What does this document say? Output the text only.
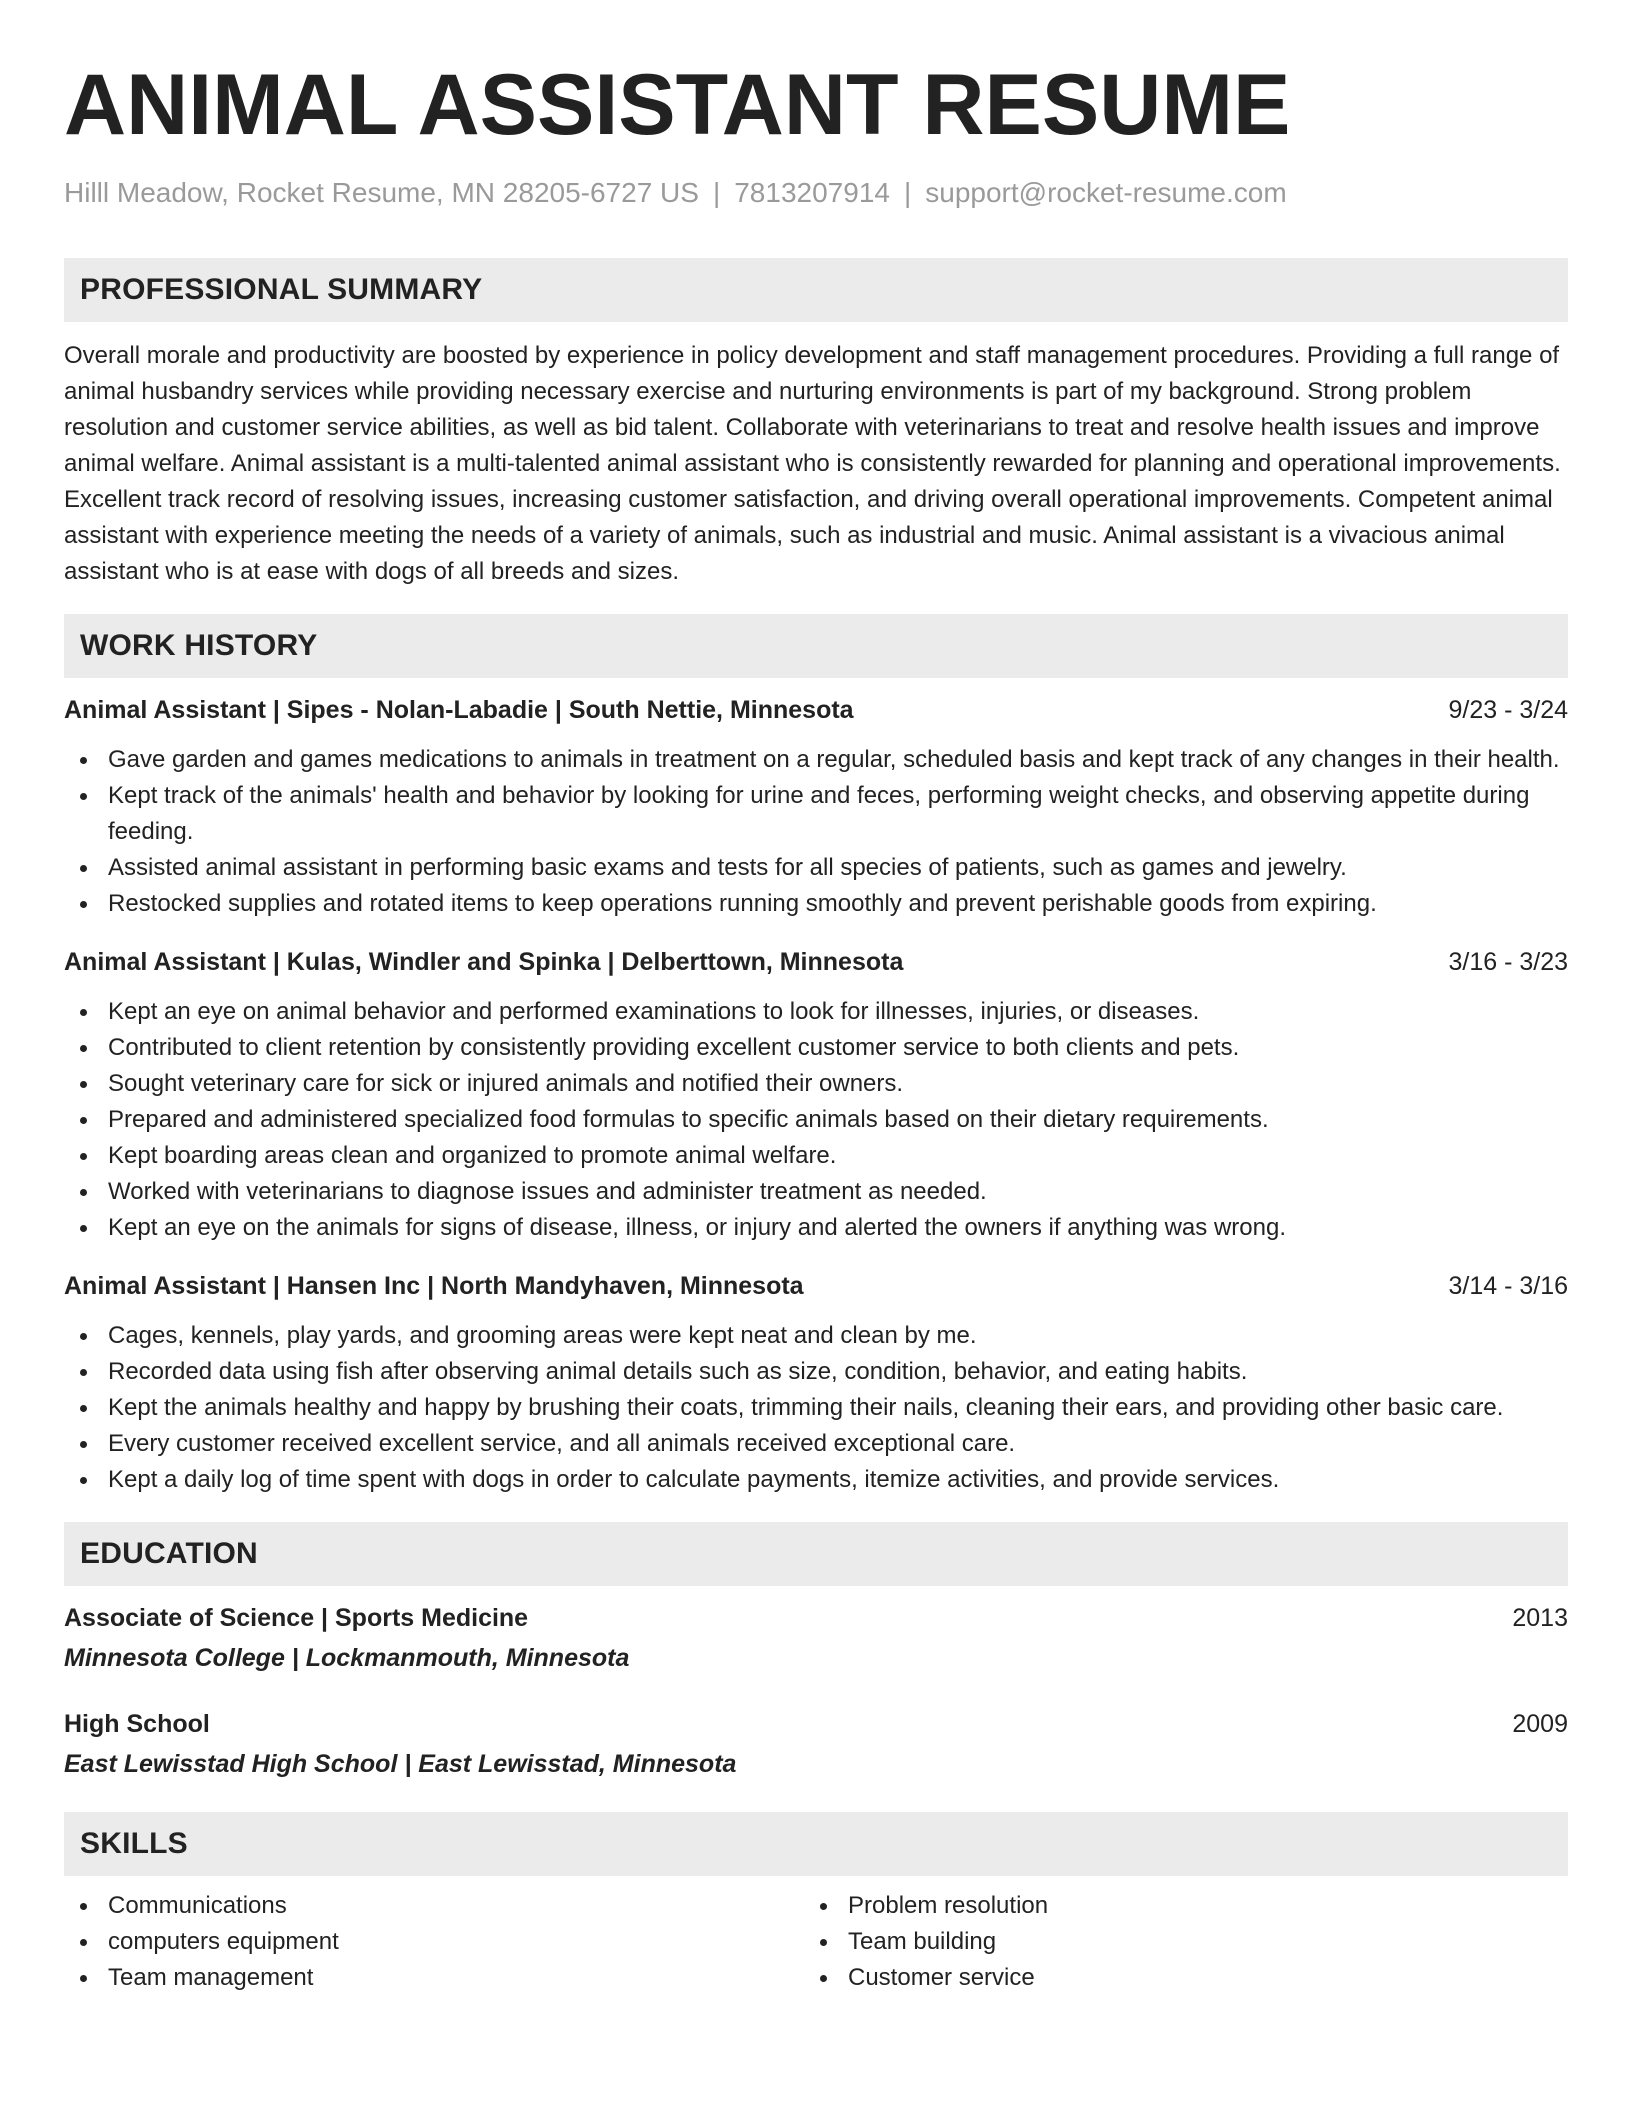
ANIMAL ASSISTANT RESUME
Hilll Meadow, Rocket Resume, MN 28205-6727 US | 7813207914 | support@rocket-resume.com
PROFESSIONAL SUMMARY
Overall morale and productivity are boosted by experience in policy development and staff management procedures. Providing a full range of animal husbandry services while providing necessary exercise and nurturing environments is part of my background. Strong problem resolution and customer service abilities, as well as bid talent. Collaborate with veterinarians to treat and resolve health issues and improve animal welfare. Animal assistant is a multi-talented animal assistant who is consistently rewarded for planning and operational improvements. Excellent track record of resolving issues, increasing customer satisfaction, and driving overall operational improvements. Competent animal assistant with experience meeting the needs of a variety of animals, such as industrial and music. Animal assistant is a vivacious animal assistant who is at ease with dogs of all breeds and sizes.
WORK HISTORY
Animal Assistant | Sipes - Nolan-Labadie | South Nettie, Minnesota	9/23 - 3/24
Gave garden and games medications to animals in treatment on a regular, scheduled basis and kept track of any changes in their health.
Kept track of the animals' health and behavior by looking for urine and feces, performing weight checks, and observing appetite during feeding.
Assisted animal assistant in performing basic exams and tests for all species of patients, such as games and jewelry.
Restocked supplies and rotated items to keep operations running smoothly and prevent perishable goods from expiring.
Animal Assistant | Kulas, Windler and Spinka | Delberttown, Minnesota	3/16 - 3/23
Kept an eye on animal behavior and performed examinations to look for illnesses, injuries, or diseases.
Contributed to client retention by consistently providing excellent customer service to both clients and pets.
Sought veterinary care for sick or injured animals and notified their owners.
Prepared and administered specialized food formulas to specific animals based on their dietary requirements.
Kept boarding areas clean and organized to promote animal welfare.
Worked with veterinarians to diagnose issues and administer treatment as needed.
Kept an eye on the animals for signs of disease, illness, or injury and alerted the owners if anything was wrong.
Animal Assistant | Hansen Inc | North Mandyhaven, Minnesota	3/14 - 3/16
Cages, kennels, play yards, and grooming areas were kept neat and clean by me.
Recorded data using fish after observing animal details such as size, condition, behavior, and eating habits.
Kept the animals healthy and happy by brushing their coats, trimming their nails, cleaning their ears, and providing other basic care.
Every customer received excellent service, and all animals received exceptional care.
Kept a daily log of time spent with dogs in order to calculate payments, itemize activities, and provide services.
EDUCATION
Associate of Science | Sports Medicine	2013
Minnesota College | Lockmanmouth, Minnesota
High School	2009
East Lewisstad High School | East Lewisstad, Minnesota
SKILLS
Communications
computers equipment
Team management
Problem resolution
Team building
Customer service
